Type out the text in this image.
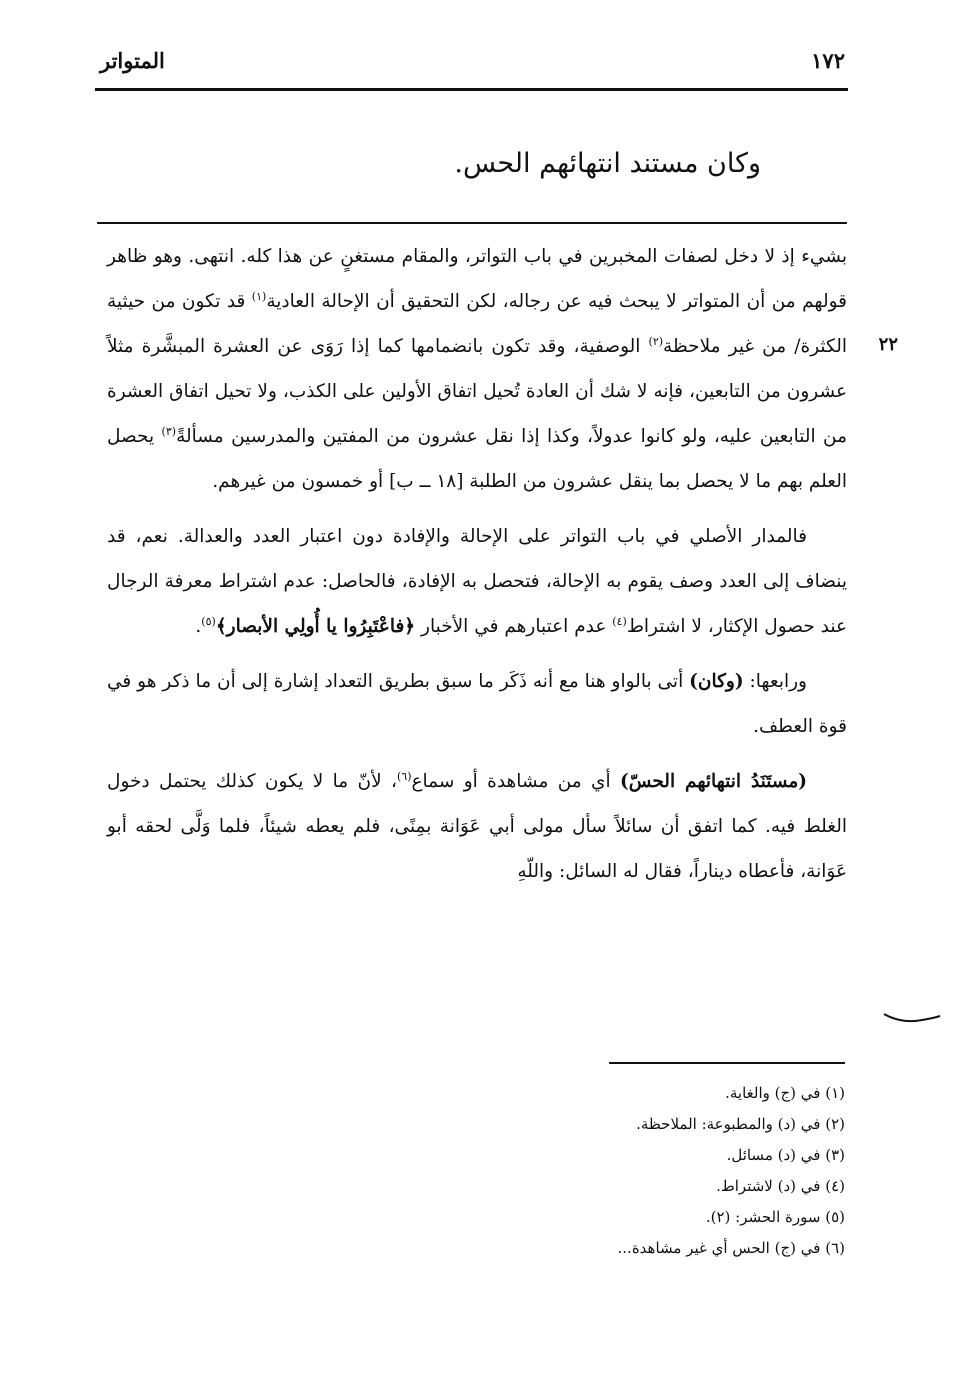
١٧٢
المتواتر
وكان مستند انتهائهم الحس.
٢٢

بشيء إذ لا دخل لصفات المخبرين في باب التواتر، والمقام مستغنٍ عن هذا كله. انتهى. وهو ظاهر قولهم من أن المتواتر لا يبحث فيه عن رجاله، لكن التحقيق أن الإحالة العادية$^{(١)}$ قد تكون من حيثية الكثرة/ من غير ملاحظة$^{(٢)}$ الوصفية، وقد تكون بانضمامها كما إذا رَوَى عن العشرة المبشَّرة مثلاً عشرون من التابعين، فإنه لا شك أن العادة تُحيل اتفاق الأولين على الكذب، ولا تحيل اتفاق العشرة من التابعين عليه، ولو كانوا عدولاً، وكذا إذا نقل عشرون من المفتين والمدرسين مسألةً$^{(٣)}$ يحصل العلم بهم ما لا يحصل بما ينقل عشرون من الطلبة [١٨ ــ ب] أو خمسون من غيرهم.

فالمدار الأصلي في باب التواتر على الإحالة والإفادة دون اعتبار العدد والعدالة. نعم، قد ينضاف إلى العدد وصف يقوم به الإحالة، فتحصل به الإفادة، فالحاصل: عدم اشتراط معرفة الرجال عند حصول الإكثار، لا اشتراط$^{(٤)}$ عدم اعتبارهم في الأخبار ﴿فاعْتَبِرُوا يا أُولِي الأبصار﴾$^{(٥)}$.

ورابعها: (وكان) أتى بالواو هنا مع أنه ذَكَر ما سبق بطريق التعداد إشارة إلى أن ما ذكر هو في قوة العطف.

(مستَنَدُ انتهائهم الحسّ) أي من مشاهدة أو سماع$^{(٦)}$، لأنّ ما لا يكون كذلك يحتمل دخول الغلط فيه. كما اتفق أن سائلاً سأل مولى أبي عَوَانة بمِنًى، فلم يعطه شيئاً، فلما وَلَّى لحقه أبو عَوَانة، فأعطاه ديناراً، فقال له السائل: واللّهِ

(١) في (ج) والغاية.
(٢) في (د) والمطبوعة: الملاحظة.
(٣) في (د) مسائل.
(٤) في (د) لاشتراط.
(٥) سورة الحشر: (٢).
(٦) في (ج) الحس أي غير مشاهدة...
